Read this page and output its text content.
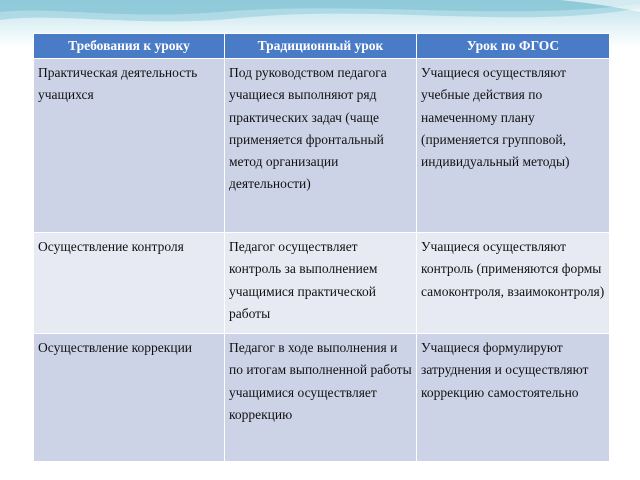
Требования к уроку	Традиционный урок	Урок по ФГОС
Практическая деятельность учащихся	Под руководством педагога учащиеся выполняют ряд практических задач (чаще применяется фронтальный метод организации деятельности)	Учащиеся осуществляют учебные действия по намеченному плану (применяется групповой, индивидуальный методы)
Осуществление контроля	Педагог осуществляет контроль за выполнением учащимися практической работы	Учащиеся осуществляют контроль (применяются формы самоконтроля, взаимоконтроля)
Осуществление коррекции	Педагог в ходе выполнения и по итогам выполненной работы учащимися осуществляет коррекцию	Учащиеся формулируют затруднения и осуществляют коррекцию самостоятельно
